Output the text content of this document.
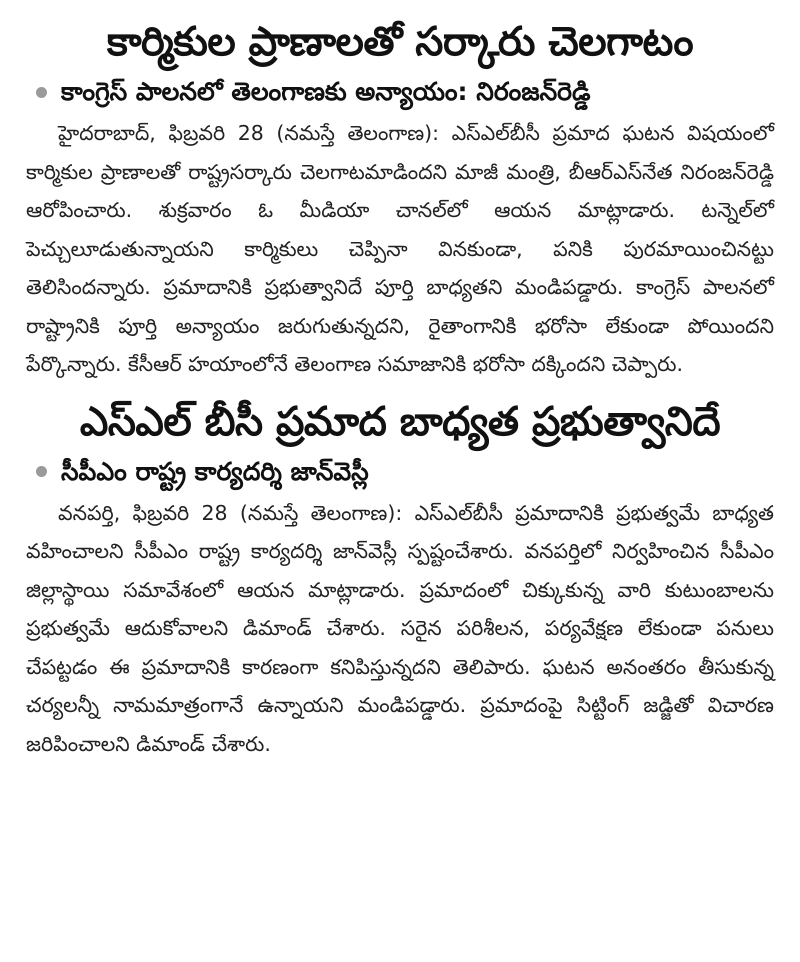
కార్మికుల ప్రాణాలతో సర్కారు చెలగాటం
కాంగ్రెస్ పాలనలో తెలంగాణకు అన్యాయం: నిరంజన్‌రెడ్డి

హైదరాబాద్, ఫిబ్రవరి 28 (నమస్తే తెలంగాణ): ఎస్‌ఎల్‌బీసీ ప్రమాద ఘటన విషయంలో కార్మికుల ప్రాణాలతో రాష్ట్రసర్కారు చెలగాటమాడిందని మాజీ మంత్రి, బీఆర్‌ఎస్‌నేత నిరంజన్‌రెడ్డి ఆరోపించారు. శుక్రవారం ఓ మీడియా చానల్‌లో ఆయన మాట్లాడారు. టన్నెల్‌లో పెచ్చులూడుతున్నాయని కార్మికులు చెప్పినా వినకుండా, పనికి పురమాయించినట్టు తెలిసిందన్నారు. ప్రమాదానికి ప్రభుత్వానిదే పూర్తి బాధ్యతని మండిపడ్డారు. కాంగ్రెస్ పాలనలో రాష్ట్రానికి పూర్తి అన్యాయం జరుగుతున్నదని, రైతాంగానికి భరోసా లేకుండా పోయిందని పేర్కొన్నారు. కేసీఆర్ హయాంలోనే తెలంగాణ సమాజానికి భరోసా దక్కిందని చెప్పారు.

ఎస్‌ఎల్ బీసీ ప్రమాద బాధ్యత ప్రభుత్వానిదే
సీపీఎం రాష్ట్ర కార్యదర్శి జాన్‌వెస్లీ

వనపర్తి, ఫిబ్రవరి 28 (నమస్తే తెలంగాణ): ఎస్‌ఎల్‌బీసీ ప్రమాదానికి ప్రభుత్వమే బాధ్యత వహించాలని సీపీఎం రాష్ట్ర కార్యదర్శి జాన్‌వెస్లీ స్పష్టంచేశారు. వనపర్తిలో నిర్వహించిన సీపీఎం జిల్లాస్థాయి సమావేశంలో ఆయన మాట్లాడారు. ప్రమాదంలో చిక్కుకున్న వారి కుటుంబాలను ప్రభుత్వమే ఆదుకోవాలని డిమాండ్ చేశారు. సరైన పరిశీలన, పర్యవేక్షణ లేకుండా పనులు చేపట్టడం ఈ ప్రమాదానికి కారణంగా కనిపిస్తున్నదని తెలిపారు. ఘటన అనంతరం తీసుకున్న చర్యలన్నీ నామమాత్రంగానే ఉన్నాయని మండిపడ్డారు. ప్రమాదంపై సిట్టింగ్ జడ్జితో విచారణ జరిపించాలని డిమాండ్ చేశారు.
